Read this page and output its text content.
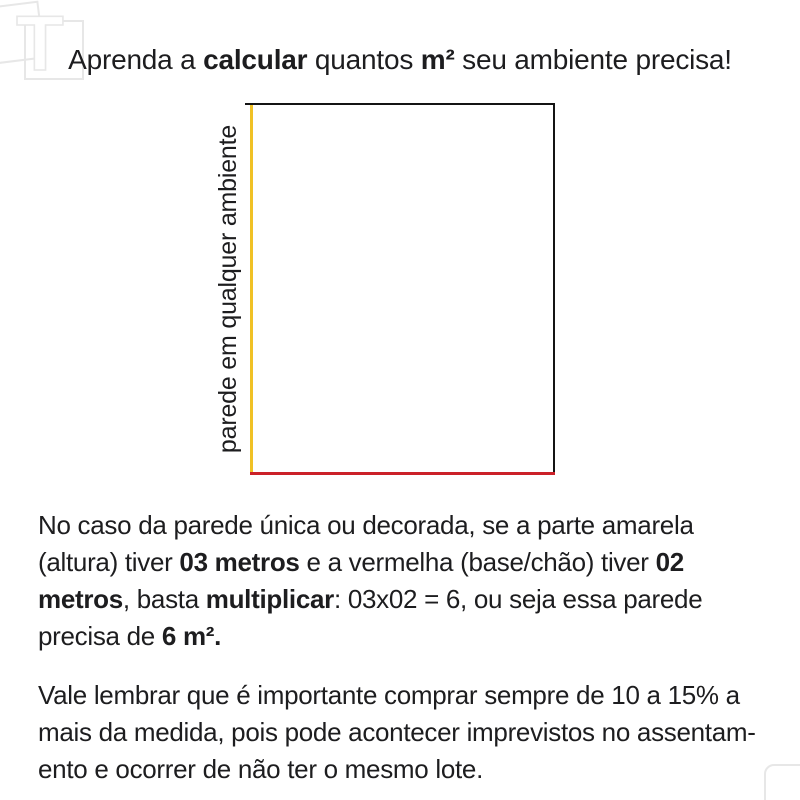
T Aprenda a calcular quantos m² seu ambiente precisa!
parede em qualquer ambiente

No caso da parede única ou decorada, se a parte amarela
(altura) tiver 03 metros e a vermelha (base/chão) tiver 02
metros, basta multiplicar: 03x02 = 6, ou seja essa parede
precisa de 6 m².

Vale lembrar que é importante comprar sempre de 10 a 15% a
mais da medida, pois pode acontecer imprevistos no assentam-
ento e ocorrer de não ter o mesmo lote.
